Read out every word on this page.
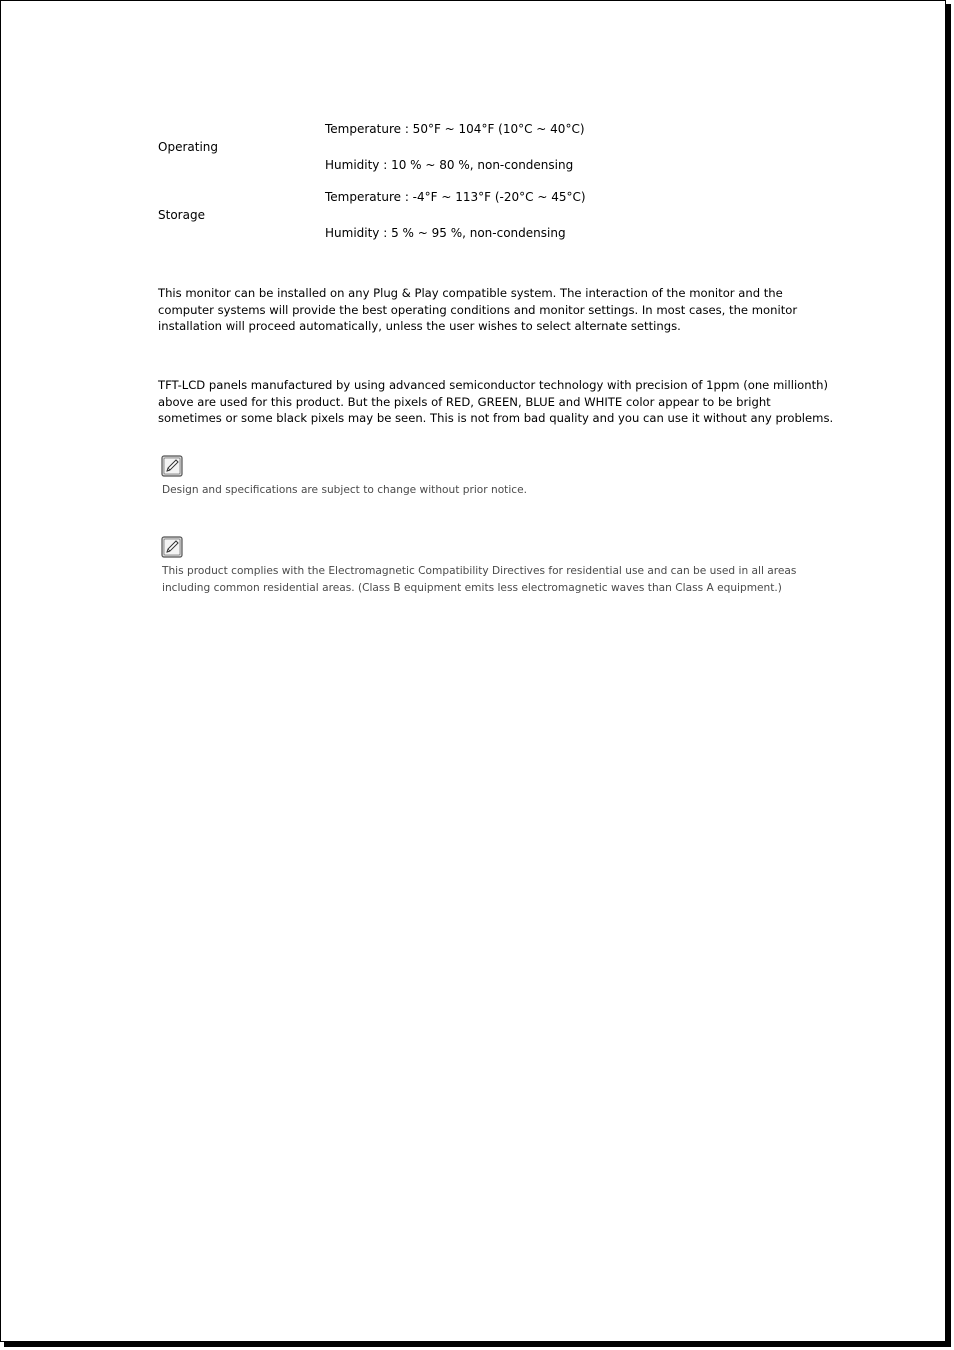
Operating
Temperature : 50°F ~ 104°F (10°C ~ 40°C)
Humidity : 10 % ~ 80 %, non-condensing
Storage
Temperature : -4°F ~ 113°F (-20°C ~ 45°C)
Humidity : 5 % ~ 95 %, non-condensing
This monitor can be installed on any Plug & Play compatible system. The interaction of the monitor and the
computer systems will provide the best operating conditions and monitor settings. In most cases, the monitor
installation will proceed automatically, unless the user wishes to select alternate settings.
TFT-LCD panels manufactured by using advanced semiconductor technology with precision of 1ppm (one millionth)
above are used for this product. But the pixels of RED, GREEN, BLUE and WHITE color appear to be bright
sometimes or some black pixels may be seen. This is not from bad quality and you can use it without any problems.
Design and specifications are subject to change without prior notice.
This product complies with the Electromagnetic Compatibility Directives for residential use and can be used in all areas
including common residential areas. (Class B equipment emits less electromagnetic waves than Class A equipment.)
